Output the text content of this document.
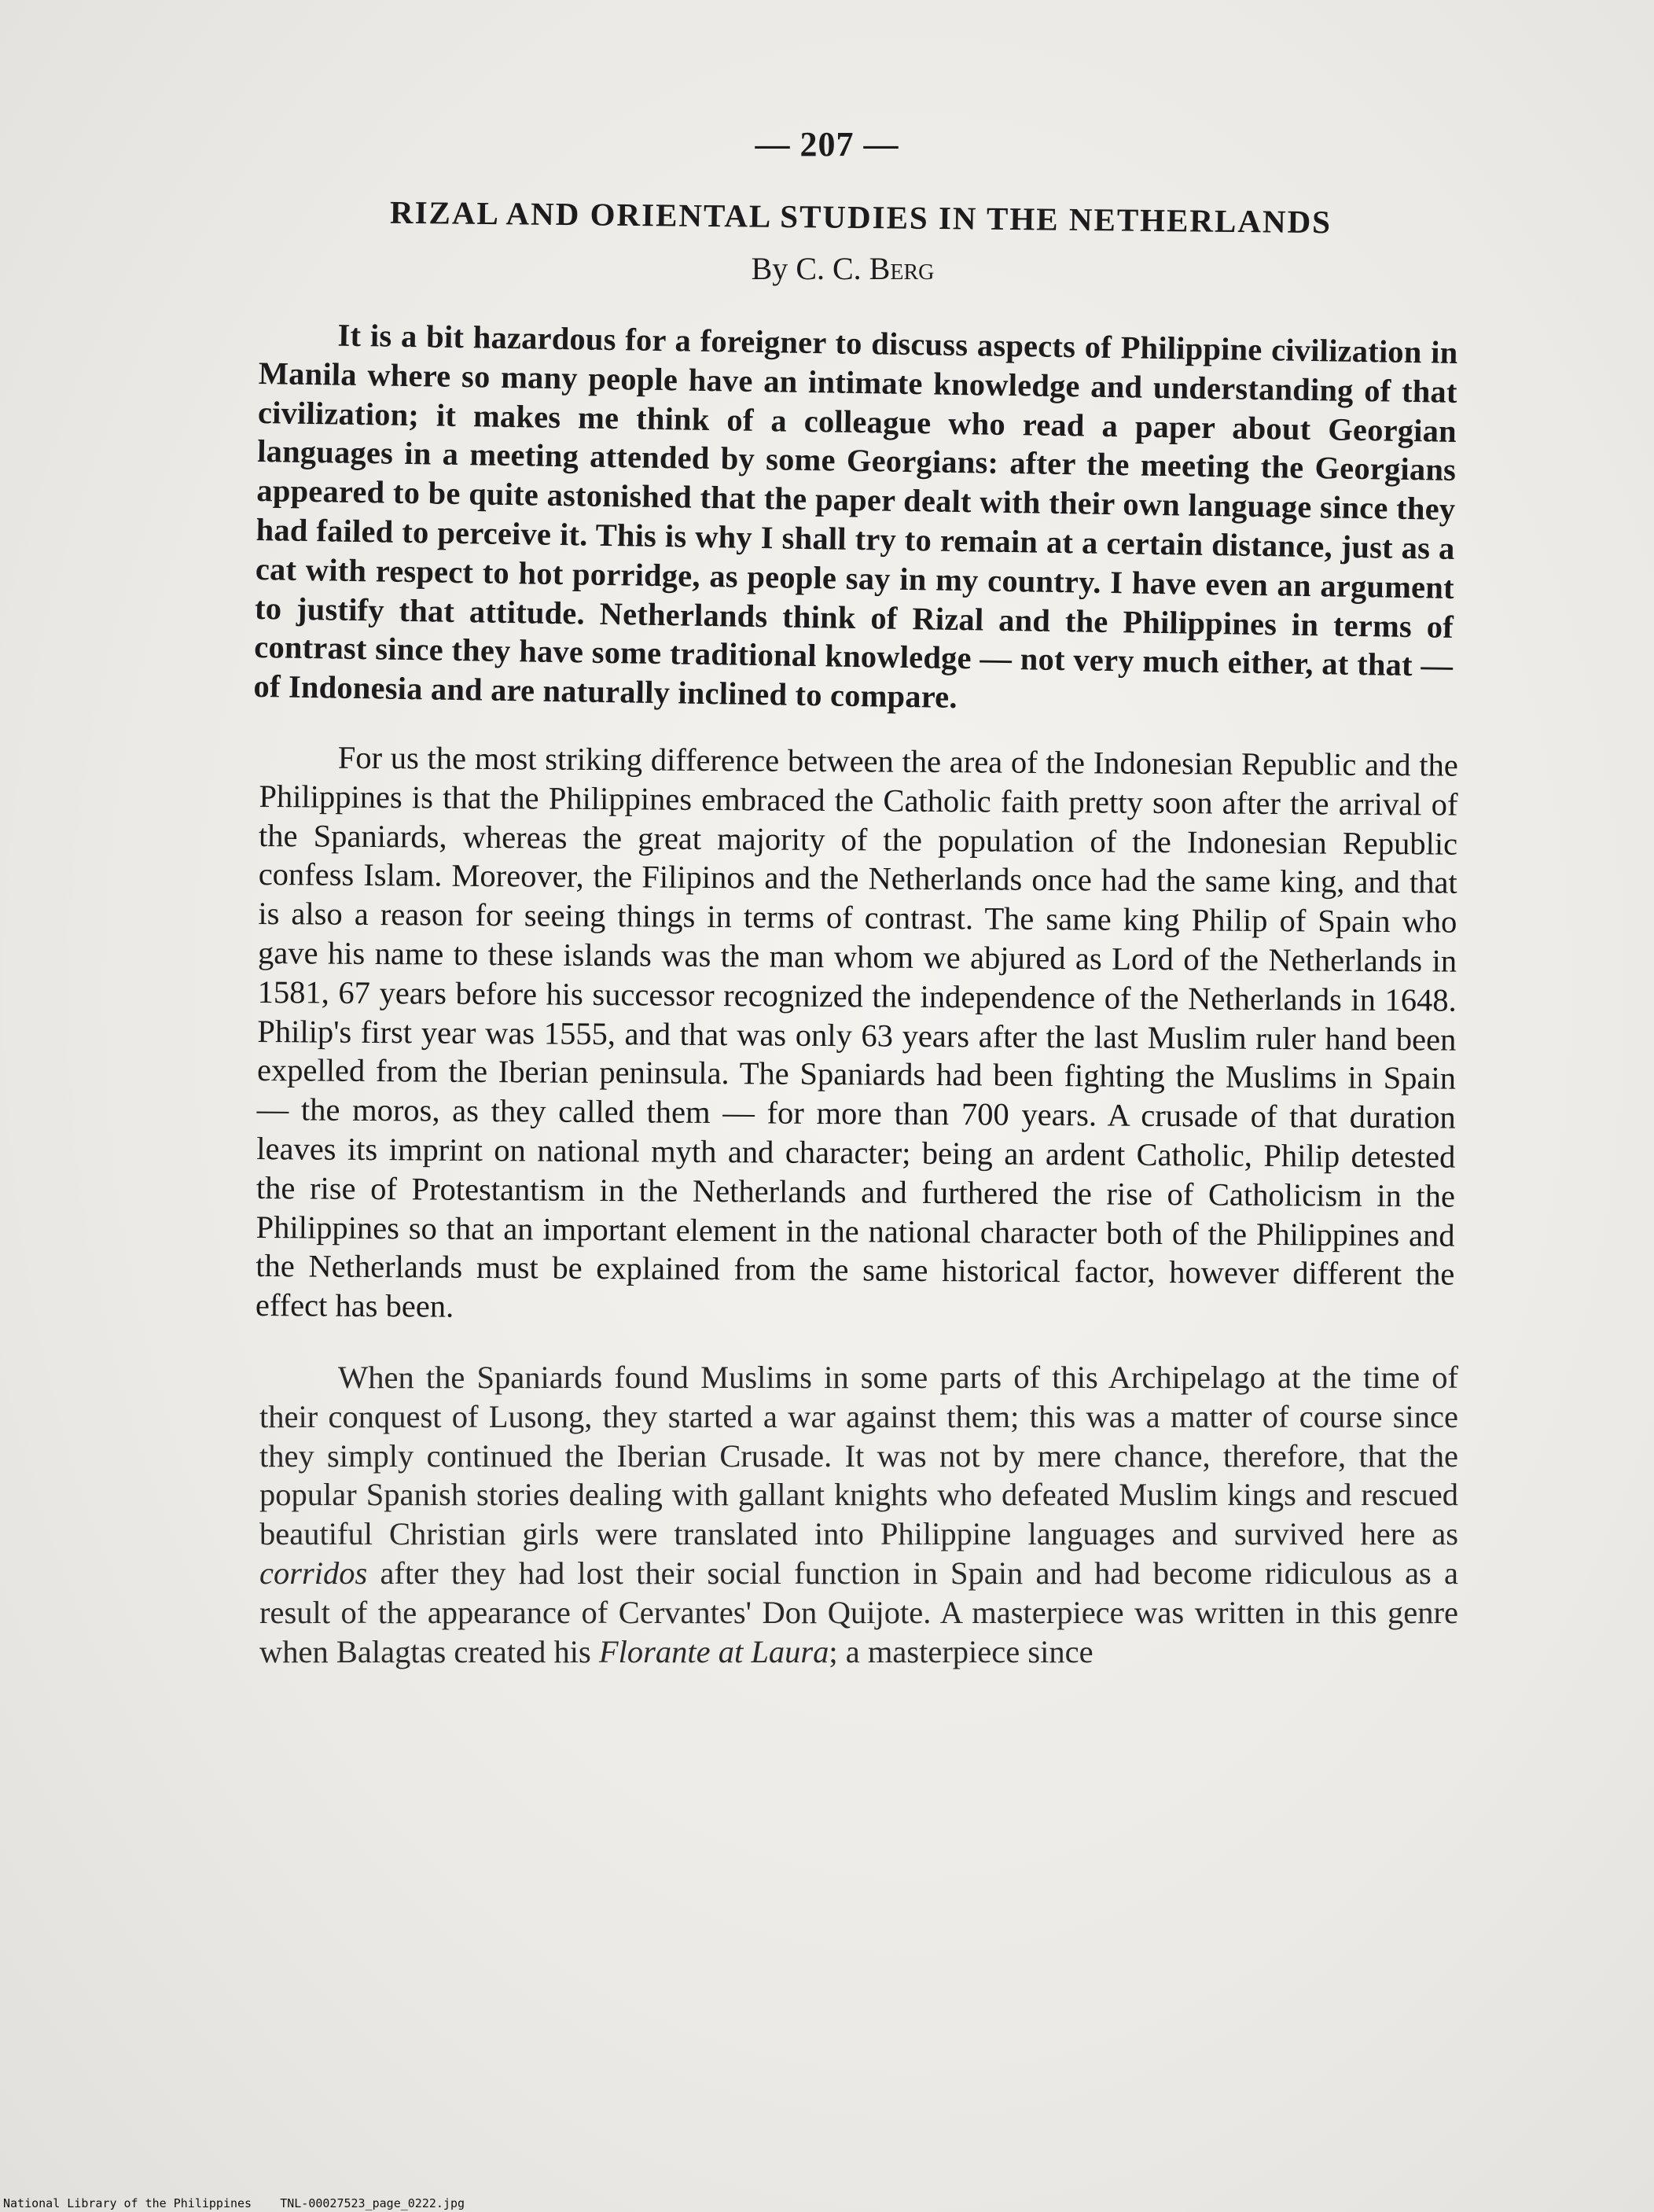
— 207 —
RIZAL AND ORIENTAL STUDIES IN THE NETHERLANDS
By C. C. Berg

It is a bit hazardous for a foreigner to discuss aspects of Philippine civilization in Manila where so many people have an intimate knowledge and understanding of that civilization; it makes me think of a colleague who read a paper about Georgian languages in a meeting attended by some Georgians: after the meeting the Georgians appeared to be quite astonished that the paper dealt with their own language since they had failed to perceive it. This is why I shall try to remain at a certain distance, just as a cat with respect to hot porridge, as people say in my country. I have even an argument to justify that attitude. Netherlands think of Rizal and the Philippines in terms of contrast since they have some traditional knowledge — not very much either, at that — of Indonesia and are naturally inclined to compare.

For us the most striking difference between the area of the Indonesian Republic and the Philippines is that the Philippines embraced the Catholic faith pretty soon after the arrival of the Spaniards, whereas the great majority of the population of the Indonesian Republic confess Islam. Moreover, the Filipinos and the Netherlands once had the same king, and that is also a reason for seeing things in terms of contrast. The same king Philip of Spain who gave his name to these islands was the man whom we abjured as Lord of the Netherlands in 1581, 67 years before his successor recognized the independence of the Netherlands in 1648. Philip's first year was 1555, and that was only 63 years after the last Muslim ruler hand been expelled from the Iberian peninsula. The Spaniards had been fighting the Muslims in Spain — the moros, as they called them — for more than 700 years. A crusade of that duration leaves its imprint on national myth and character; being an ardent Catholic, Philip detested the rise of Protestantism in the Netherlands and furthered the rise of Catholicism in the Philippines so that an important element in the national character both of the Philippines and the Netherlands must be explained from the same historical factor, however different the effect has been.

When the Spaniards found Muslims in some parts of this Archipelago at the time of their conquest of Lusong, they started a war against them; this was a matter of course since they simply continued the Iberian Crusade. It was not by mere chance, therefore, that the popular Spanish stories dealing with gallant knights who defeated Muslim kings and rescued beautiful Christian girls were translated into Philippine languages and survived here as corridos after they had lost their social function in Spain and had become ridiculous as a result of the appearance of Cervantes' Don Quijote. A masterpiece was written in this genre when Balagtas created his Florante at Laura; a masterpiece since

National Library of the Philippines    TNL-00027523_page_0222.jpg
